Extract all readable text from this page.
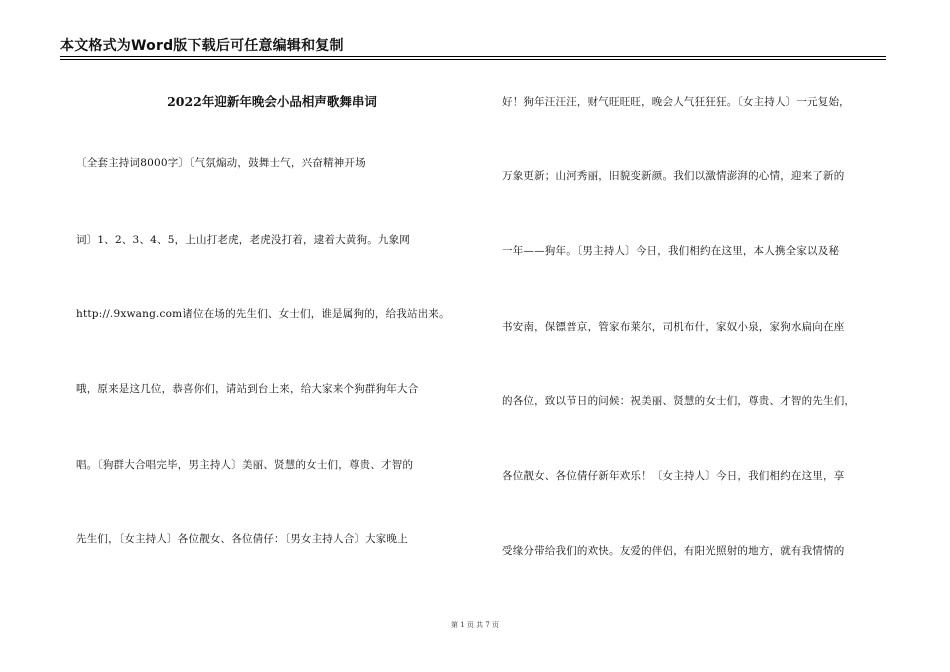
本文格式为Word版下载后可任意编辑和复制
2022年迎新年晚会小品相声歌舞串词
〔全套主持词8000字〕〔气氛煽动，鼓舞士气，兴奋精神开场
词〕1、2、3、4、5，上山打老虎，老虎没打着，逮着大黄狗。九象网
http://.9xwang.com诸位在场的先生们、女士们，谁是属狗的，给我站出来。
哦，原来是这几位，恭喜你们，请站到台上来，给大家来个狗群狗年大合
唱。〔狗群大合唱完毕，男主持人〕美丽、贤慧的女士们，尊贵、才智的
先生们，〔女主持人〕各位靓女、各位倩仔：〔男女主持人合〕大家晚上
好！狗年汪汪汪，财气旺旺旺，晚会人气狂狂狂。〔女主持人〕一元复始，
万象更新；山河秀丽，旧貌变新颜。我们以激情澎湃的心情，迎来了新的
一年——狗年。〔男主持人〕今日，我们相约在这里，本人携全家以及秘
书安南，保镖普京，管家布莱尔，司机布什，家奴小泉，家狗水扁向在座
的各位，致以节日的问候：祝美丽、贤慧的女士们，尊贵、才智的先生们，
各位靓女、各位倩仔新年欢乐！〔女主持人〕今日，我们相约在这里，享
受缘分带给我们的欢快。友爱的伴侣，有阳光照射的地方，就有我情情的
第 1 页 共 7 页
